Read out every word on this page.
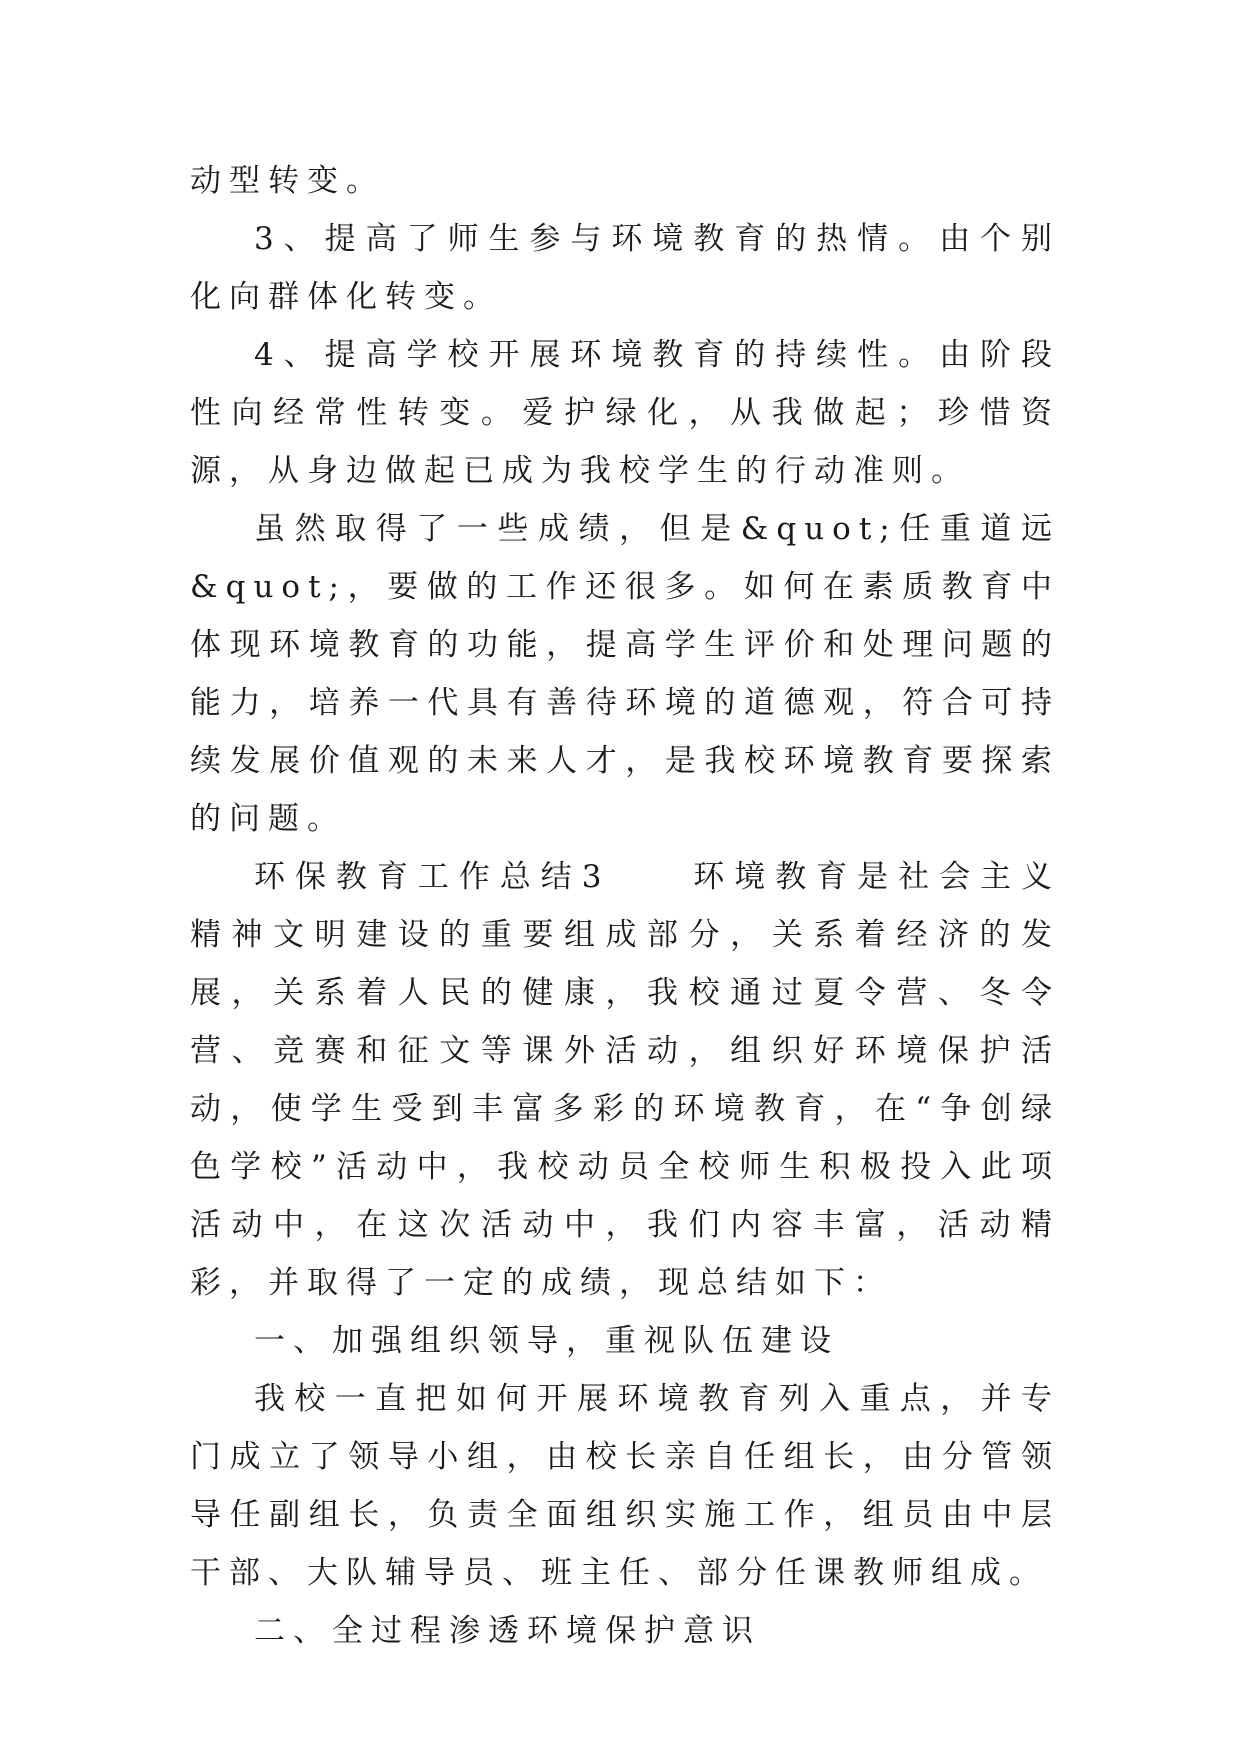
动型转变。

3、提高了师生参与环境教育的热情。由个别化向群体化转变。

4、提高学校开展环境教育的持续性。由阶段性向经常性转变。爱护绿化，从我做起；珍惜资源，从身边做起已成为我校学生的行动准则。

虽然取得了一些成绩，但是&quot;任重道远&quot;，要做的工作还很多。如何在素质教育中体现环境教育的功能，提高学生评价和处理问题的能力，培养一代具有善待环境的道德观，符合可持续发展价值观的未来人才，是我校环境教育要探索的问题。

环保教育工作总结3　　环境教育是社会主义精神文明建设的重要组成部分，关系着经济的发展，关系着人民的健康，我校通过夏令营、冬令营、竞赛和征文等课外活动，组织好环境保护活动，使学生受到丰富多彩的环境教育，在“争创绿色学校”活动中，我校动员全校师生积极投入此项活动中，在这次活动中，我们内容丰富，活动精彩，并取得了一定的成绩，现总结如下：

一、加强组织领导，重视队伍建设

我校一直把如何开展环境教育列入重点，并专门成立了领导小组，由校长亲自任组长，由分管领导任副组长，负责全面组织实施工作，组员由中层干部、大队辅导员、班主任、部分任课教师组成。

二、全过程渗透环境保护意识
